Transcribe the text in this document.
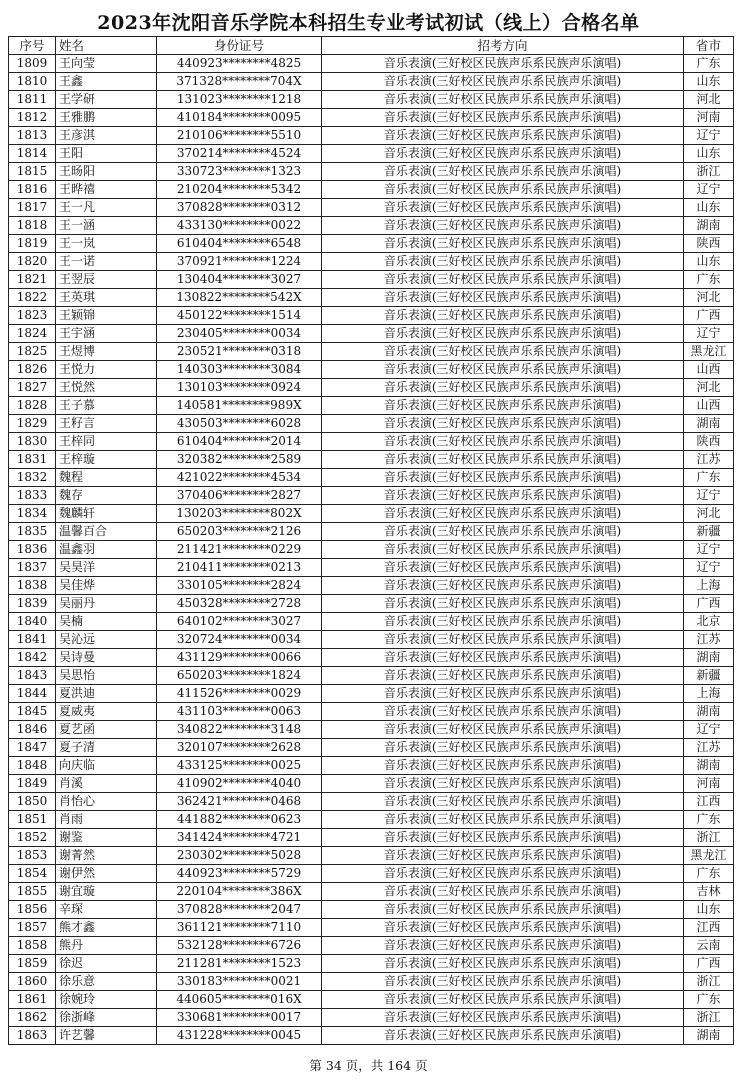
2023年沈阳音乐学院本科招生专业考试初试（线上）合格名单
序号	姓名	身份证号	招考方向	省市
1809	王向莹	440923********4825	音乐表演(三好校区民族声乐系民族声乐演唱)	广东
1810	王鑫	371328********704X	音乐表演(三好校区民族声乐系民族声乐演唱)	山东
1811	王学研	131023********1218	音乐表演(三好校区民族声乐系民族声乐演唱)	河北
1812	王雅鹏	410184********0095	音乐表演(三好校区民族声乐系民族声乐演唱)	河南
1813	王彦淇	210106********5510	音乐表演(三好校区民族声乐系民族声乐演唱)	辽宁
1814	王阳	370214********4524	音乐表演(三好校区民族声乐系民族声乐演唱)	山东
1815	王旸阳	330723********1323	音乐表演(三好校区民族声乐系民族声乐演唱)	浙江
1816	王晔禧	210204********5342	音乐表演(三好校区民族声乐系民族声乐演唱)	辽宁
1817	王一凡	370828********0312	音乐表演(三好校区民族声乐系民族声乐演唱)	山东
1818	王一涵	433130********0022	音乐表演(三好校区民族声乐系民族声乐演唱)	湖南
1819	王一岚	610404********6548	音乐表演(三好校区民族声乐系民族声乐演唱)	陕西
1820	王一诺	370921********1224	音乐表演(三好校区民族声乐系民族声乐演唱)	山东
1821	王翌辰	130404********3027	音乐表演(三好校区民族声乐系民族声乐演唱)	广东
1822	王英琪	130822********542X	音乐表演(三好校区民族声乐系民族声乐演唱)	河北
1823	王颖锦	450122********1514	音乐表演(三好校区民族声乐系民族声乐演唱)	广西
1824	王宇涵	230405********0034	音乐表演(三好校区民族声乐系民族声乐演唱)	辽宁
1825	王煜博	230521********0318	音乐表演(三好校区民族声乐系民族声乐演唱)	黑龙江
1826	王悦力	140303********3084	音乐表演(三好校区民族声乐系民族声乐演唱)	山西
1827	王悦然	130103********0924	音乐表演(三好校区民族声乐系民族声乐演唱)	河北
1828	王子慕	140581********989X	音乐表演(三好校区民族声乐系民族声乐演唱)	山西
1829	王籽言	430503********6028	音乐表演(三好校区民族声乐系民族声乐演唱)	湖南
1830	王梓同	610404********2014	音乐表演(三好校区民族声乐系民族声乐演唱)	陕西
1831	王梓璇	320382********2589	音乐表演(三好校区民族声乐系民族声乐演唱)	江苏
1832	魏程	421022********4534	音乐表演(三好校区民族声乐系民族声乐演唱)	广东
1833	魏存	370406********2827	音乐表演(三好校区民族声乐系民族声乐演唱)	辽宁
1834	魏麟轩	130203********802X	音乐表演(三好校区民族声乐系民族声乐演唱)	河北
1835	温馨百合	650203********2126	音乐表演(三好校区民族声乐系民族声乐演唱)	新疆
1836	温鑫羽	211421********0229	音乐表演(三好校区民族声乐系民族声乐演唱)	辽宁
1837	吴昊洋	210411********0213	音乐表演(三好校区民族声乐系民族声乐演唱)	辽宁
1838	吴佳烨	330105********2824	音乐表演(三好校区民族声乐系民族声乐演唱)	上海
1839	吴丽丹	450328********2728	音乐表演(三好校区民族声乐系民族声乐演唱)	广西
1840	吴楠	640102********3027	音乐表演(三好校区民族声乐系民族声乐演唱)	北京
1841	吴沁远	320724********0034	音乐表演(三好校区民族声乐系民族声乐演唱)	江苏
1842	吴诗曼	431129********0066	音乐表演(三好校区民族声乐系民族声乐演唱)	湖南
1843	吴思怡	650203********1824	音乐表演(三好校区民族声乐系民族声乐演唱)	新疆
1844	夏洪迪	411526********0029	音乐表演(三好校区民族声乐系民族声乐演唱)	上海
1845	夏威夷	431103********0063	音乐表演(三好校区民族声乐系民族声乐演唱)	湖南
1846	夏艺函	340822********3148	音乐表演(三好校区民族声乐系民族声乐演唱)	辽宁
1847	夏子清	320107********2628	音乐表演(三好校区民族声乐系民族声乐演唱)	江苏
1848	向庆临	433125********0025	音乐表演(三好校区民族声乐系民族声乐演唱)	湖南
1849	肖溪	410902********4040	音乐表演(三好校区民族声乐系民族声乐演唱)	河南
1850	肖怡心	362421********0468	音乐表演(三好校区民族声乐系民族声乐演唱)	江西
1851	肖雨	441882********0623	音乐表演(三好校区民族声乐系民族声乐演唱)	广东
1852	谢鉴	341424********4721	音乐表演(三好校区民族声乐系民族声乐演唱)	浙江
1853	谢菁然	230302********5028	音乐表演(三好校区民族声乐系民族声乐演唱)	黑龙江
1854	谢伊然	440923********5729	音乐表演(三好校区民族声乐系民族声乐演唱)	广东
1855	谢宜璇	220104********386X	音乐表演(三好校区民族声乐系民族声乐演唱)	吉林
1856	辛琛	370828********2047	音乐表演(三好校区民族声乐系民族声乐演唱)	山东
1857	熊才鑫	361121********7110	音乐表演(三好校区民族声乐系民族声乐演唱)	江西
1858	熊丹	532128********6726	音乐表演(三好校区民族声乐系民族声乐演唱)	云南
1859	徐迟	211281********1523	音乐表演(三好校区民族声乐系民族声乐演唱)	广西
1860	徐乐意	330183********0021	音乐表演(三好校区民族声乐系民族声乐演唱)	浙江
1861	徐婉玲	440605********016X	音乐表演(三好校区民族声乐系民族声乐演唱)	广东
1862	徐浙峰	330681********0017	音乐表演(三好校区民族声乐系民族声乐演唱)	浙江
1863	许艺馨	431228********0045	音乐表演(三好校区民族声乐系民族声乐演唱)	湖南
第 34 页，共 164 页
